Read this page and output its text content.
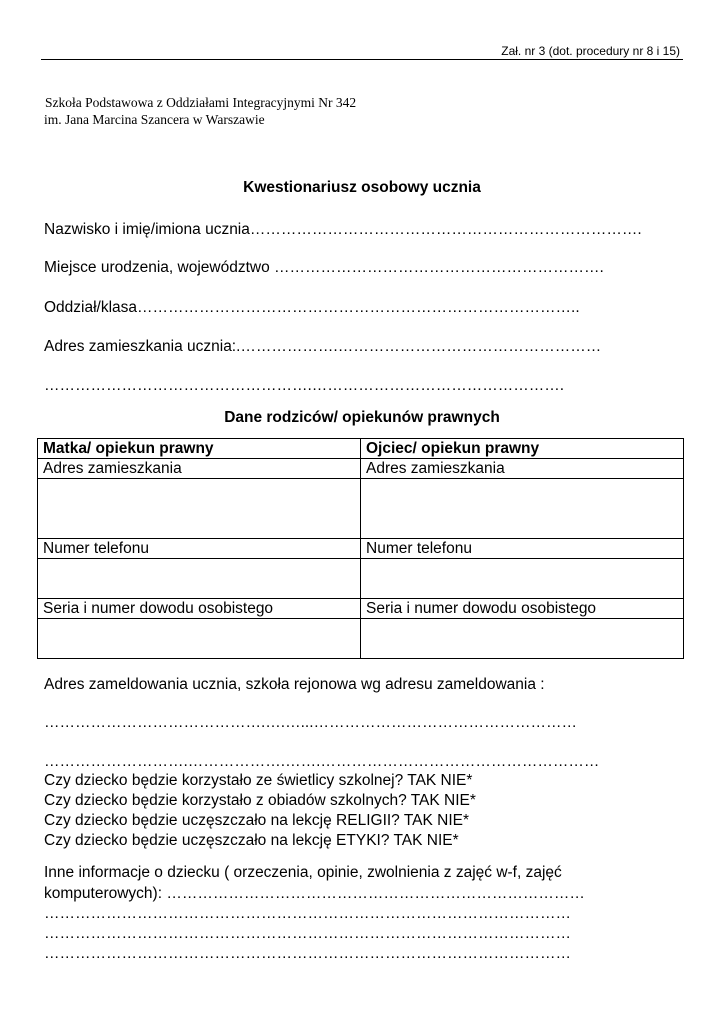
Zał. nr 3 (dot. procedury nr 8 i 15)
Szkoła Podstawowa z Oddziałami Integracyjnymi Nr 342
im. Jana Marcina Szancera w Warszawie
Kwestionariusz osobowy ucznia
Nazwisko i imię/imiona ucznia………………………………………………………………….
Miejsce urodzenia, województwo ……………………………………………………….
Oddział/klasa…………………………………………………………………………..
Adres zamieszkania ucznia:.……………….……………………………………………
…………………………………………….………………………………………….
Dane rodziców/ opiekunów prawnych
Matka/ opiekun prawny	Ojciec/ opiekun prawny
Adres zamieszkania	Adres zamieszkania

Numer telefonu	Numer telefonu

Seria i numer dowodu osobistego	Seria i numer dowodu osobistego

Adres zameldowania ucznia, szkoła rejonowa wg adresu zameldowania :
…………………………………….….…...……………………………………………
……………………….……………….…….………………………………………………
Czy dziecko będzie korzystało ze świetlicy szkolnej? TAK NIE*
Czy dziecko będzie korzystało z obiadów szkolnych? TAK NIE*
Czy dziecko będzie uczęszczało na lekcję RELIGII? TAK NIE*
Czy dziecko będzie uczęszczało na lekcję ETYKI? TAK NIE*
Inne informacje o dziecku ( orzeczenia, opinie, zwolnienia z zajęć w-f, zajęć
komputerowych): ………………………………………………………………………
…………………………………………………………………………………………
…………………………………………………………………………………………
…………………………………………………………………………………………
